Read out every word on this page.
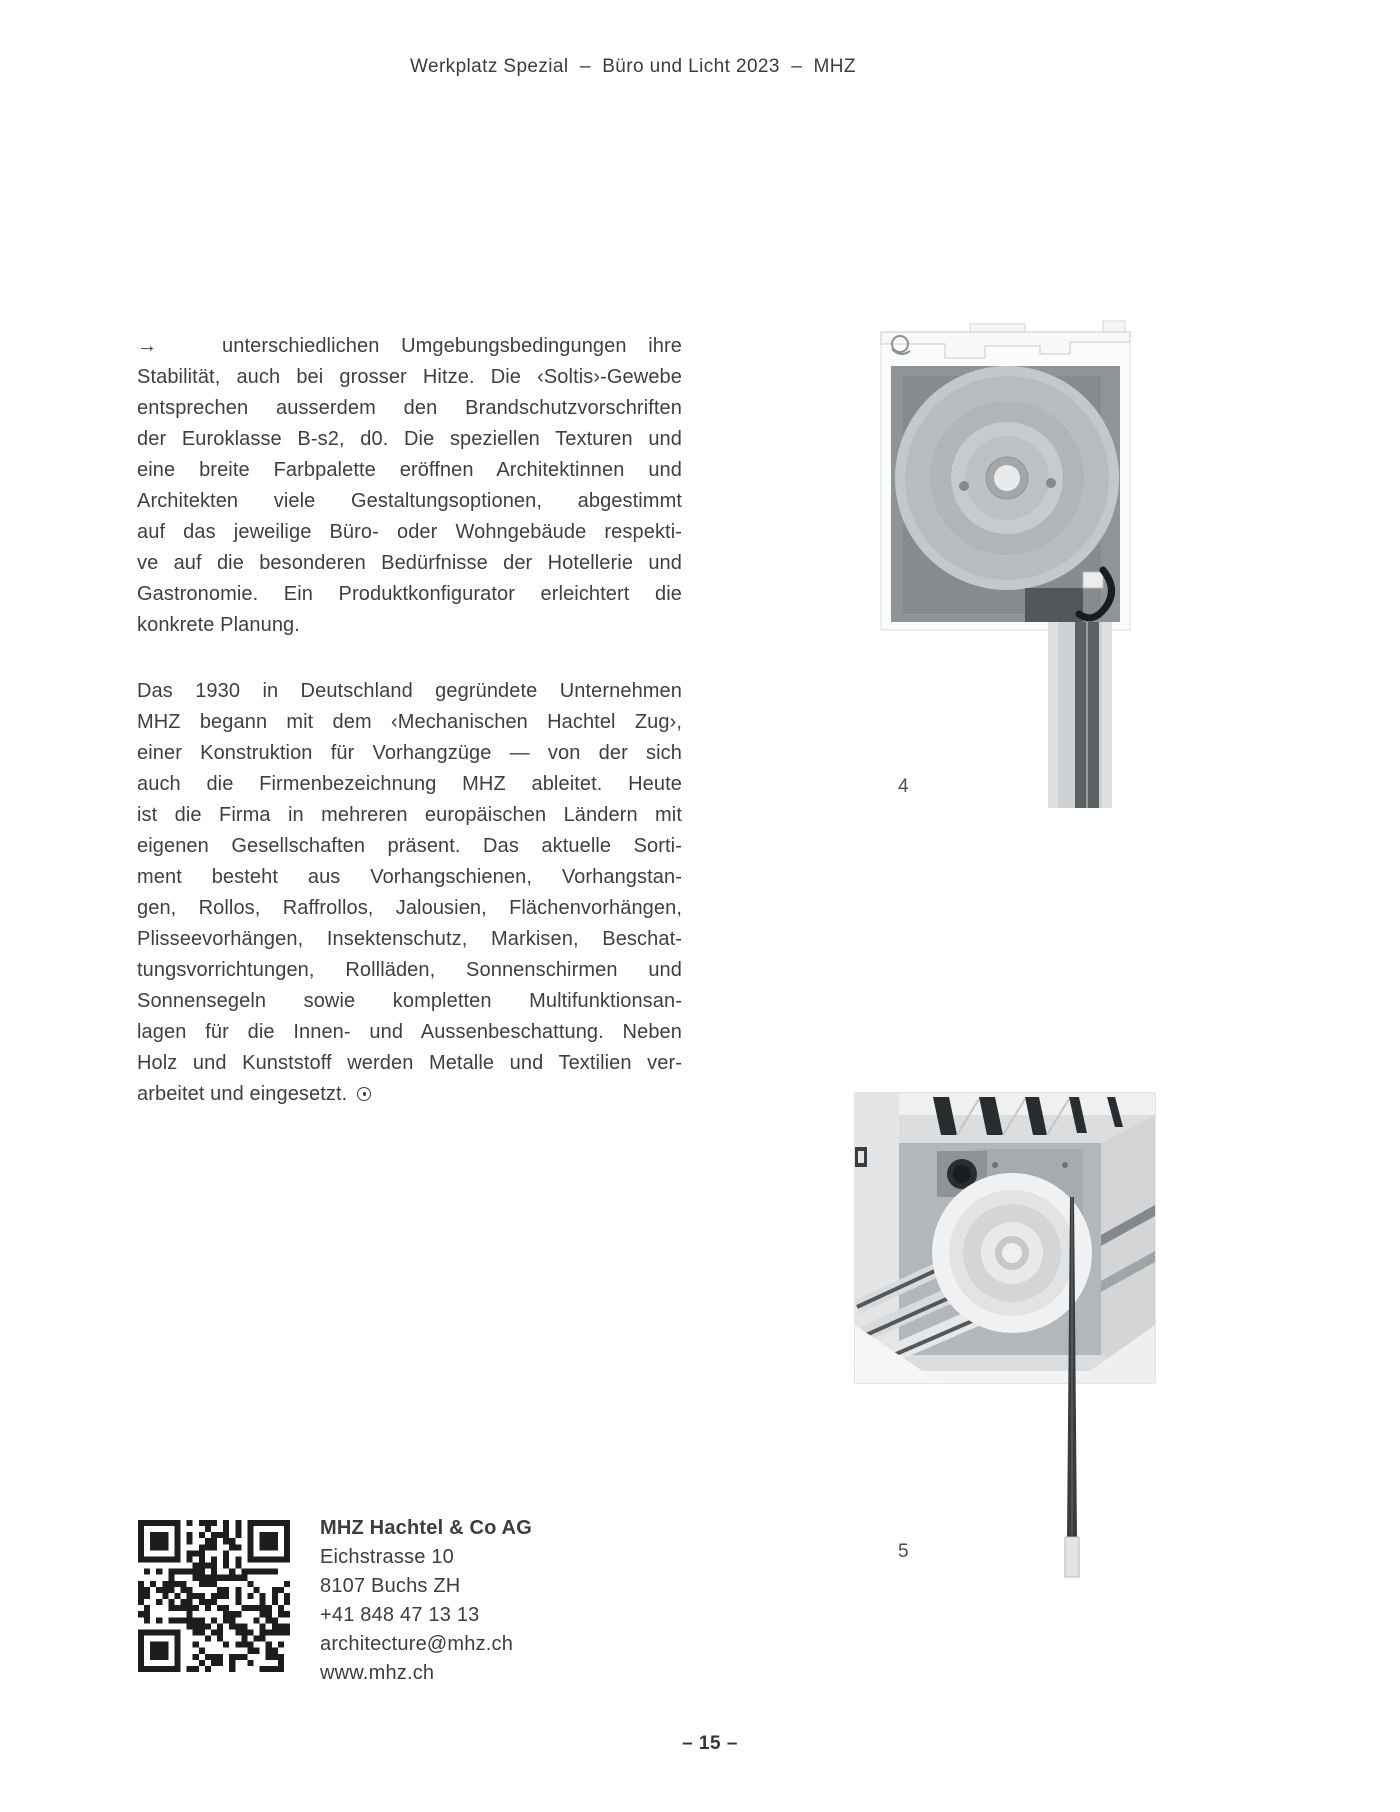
Werkplatz Spezial  –  Büro und Licht 2023  –  MHZ
→   unterschiedlichen Umgebungsbedingungen ihre
Stabilität, auch bei grosser Hitze. Die ‹Soltis›-Gewebe
entsprechen ausserdem den Brandschutzvorschriften
der Euroklasse B-s2, d0. Die speziellen Texturen und
eine breite Farbpalette eröffnen Architektinnen und
Architekten viele Gestaltungsoptionen, abgestimmt
auf das jeweilige Büro- oder Wohngebäude respekti-
ve auf die besonderen Bedürfnisse der Hotellerie und
Gastronomie. Ein Produktkonfigurator erleichtert die
konkrete Planung.
Das 1930 in Deutschland gegründete Unternehmen
MHZ begann mit dem ‹Mechanischen Hachtel Zug›,
einer Konstruktion für Vorhangzüge — von der sich
auch die Firmenbezeichnung MHZ ableitet. Heute
ist die Firma in mehreren europäischen Ländern mit
eigenen Gesellschaften präsent. Das aktuelle Sorti-
ment besteht aus Vorhangschienen, Vorhangstan-
gen, Rollos, Raffrollos, Jalousien, Flächenvorhängen,
Plisseevorhängen, Insektenschutz, Markisen, Beschat-
tungsvorrichtungen, Rollläden, Sonnenschirmen und
Sonnensegeln sowie kompletten Multifunktionsan-
lagen für die Innen- und Aussenbeschattung. Neben
Holz und Kunststoff werden Metalle und Textilien ver-
arbeitet und eingesetzt.
4
5
MHZ Hachtel & Co AG
Eichstrasse 10
8107 Buchs ZH
+41 848 47 13 13
architecture@mhz.ch
www.mhz.ch
– 15 –
